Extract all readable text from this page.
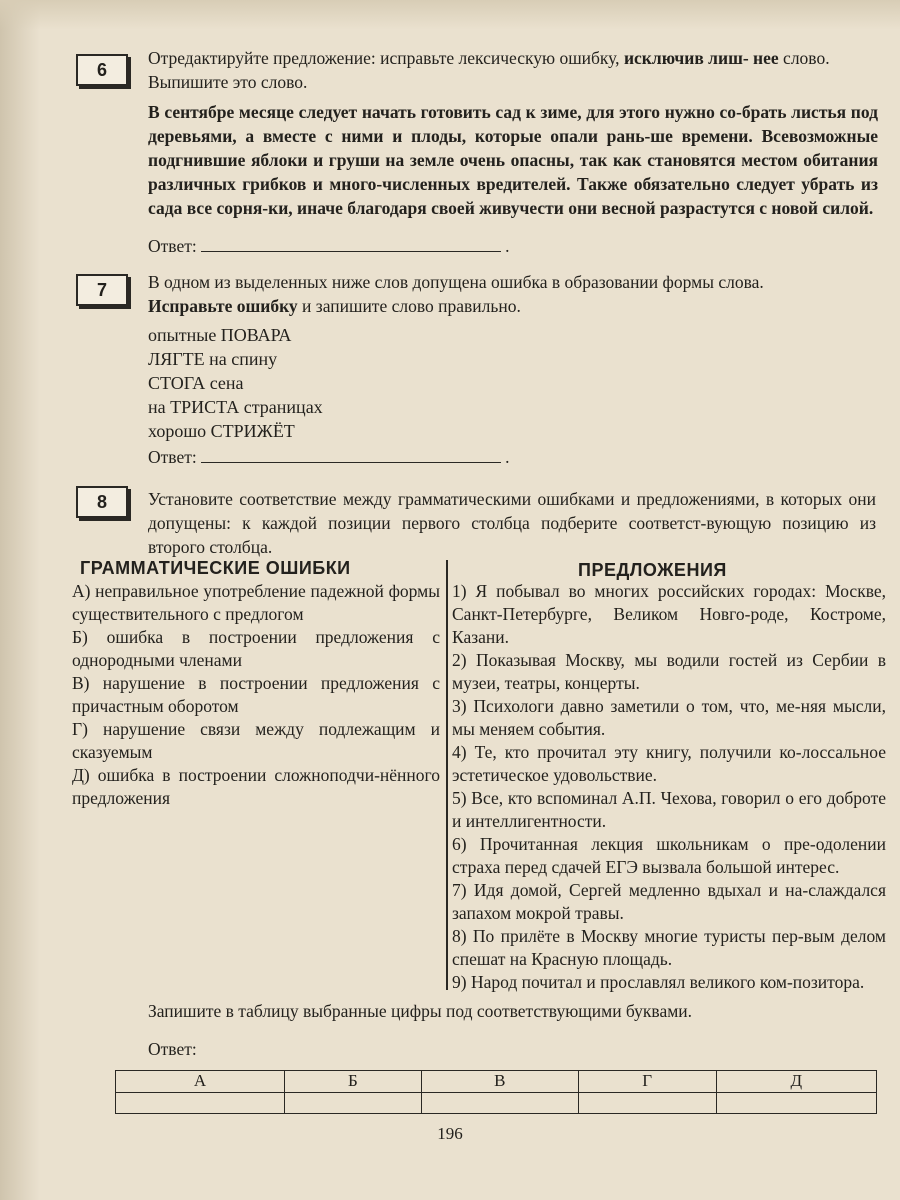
6
Отредактируйте предложение: исправьте лексическую ошибку, исключив лиш- нее слово. Выпишите это слово.
В сентябре месяце следует начать готовить сад к зиме, для этого нужно со-брать листья под деревьями, а вместе с ними и плоды, которые опали рань-ше времени. Всевозможные подгнившие яблоки и груши на земле очень опасны, так как становятся местом обитания различных грибков и много-численных вредителей. Также обязательно следует убрать из сада все сорня-ки, иначе благодаря своей живучести они весной разрастутся с новой силой.
Ответ:	.
7	В одном из выделенных ниже слов допущена ошибка в образовании формы слова.
Исправьте ошибку и запишите слово правильно.
опытные ПОВАРА
ЛЯГТЕ на спину
СТОГА сена
на ТРИСТА страницах
хорошо СТРИЖЁТ
Ответ:	.
8	Установите соответствие между грамматическими ошибками и предложениями, в которых они допущены: к каждой позиции первого столбца подберите соответст-вующую позицию из второго столбца.
ГРАММАТИЧЕСКИЕ ОШИБКИ	ПРЕДЛОЖЕНИЯ
А) неправильное употребление падежной формы существительного с предлогом
Б) ошибка в построении предложения с однородными членами
В) нарушение в построении предложения с причастным оборотом
Г) нарушение связи между подлежащим и сказуемым
Д) ошибка в построении сложноподчи-нённого предложения
1) Я побывал во многих российских городах: Москве, Санкт-Петербурге, Великом Новго-роде, Костроме, Казани.
2) Показывая Москву, мы водили гостей из Сербии в музеи, театры, концерты.
3) Психологи давно заметили о том, что, ме-няя мысли, мы меняем события.
4) Те, кто прочитал эту книгу, получили ко-лоссальное эстетическое удовольствие.
5) Все, кто вспоминал А.П. Чехова, говорил о его доброте и интеллигентности.
6) Прочитанная лекция школьникам о пре-одолении страха перед сдачей ЕГЭ вызвала большой интерес.
7) Идя домой, Сергей медленно вдыхал и на-слаждался запахом мокрой травы.
8) По прилёте в Москву многие туристы пер-вым делом спешат на Красную площадь.
9) Народ почитал и прославлял великого ком-позитора.
Запишите в таблицу выбранные цифры под соответствующими буквами.
Ответ:
А	Б	В	Г	Д

196
